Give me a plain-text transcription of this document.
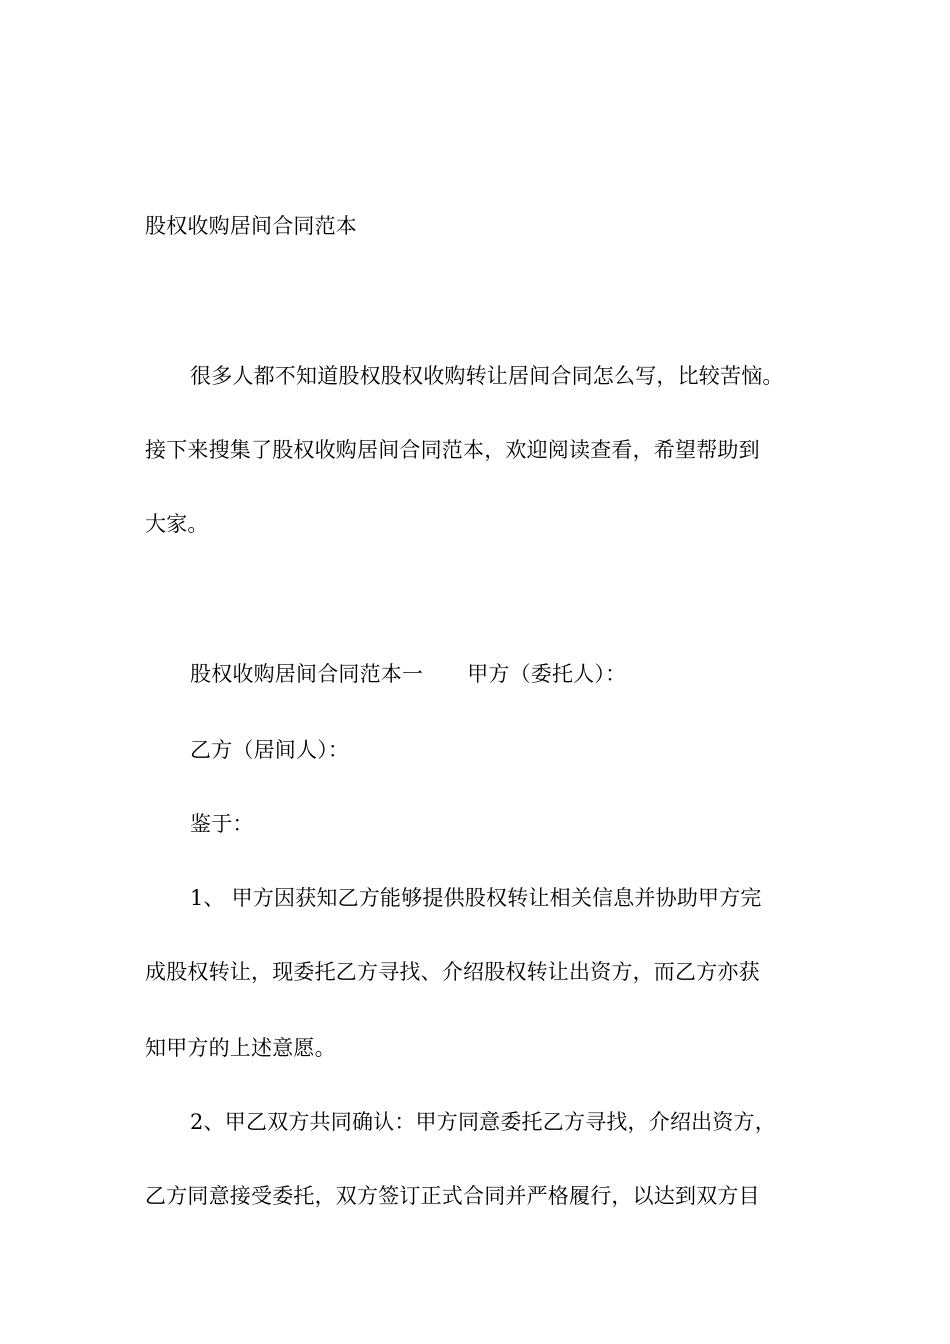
股权收购居间合同范本
很多人都不知道股权股权收购转让居间合同怎么写，比较苦恼。
接下来搜集了股权收购居间合同范本，欢迎阅读查看，希望帮助到
大家。
股权收购居间合同范本一 甲方（委托人）：
乙方（居间人）：
鉴于：
1、 甲方因获知乙方能够提供股权转让相关信息并协助甲方完
成股权转让，现委托乙方寻找、介绍股权转让出资方，而乙方亦获
知甲方的上述意愿。
2、甲乙双方共同确认：甲方同意委托乙方寻找，介绍出资方，
乙方同意接受委托，双方签订正式合同并严格履行，以达到双方目
